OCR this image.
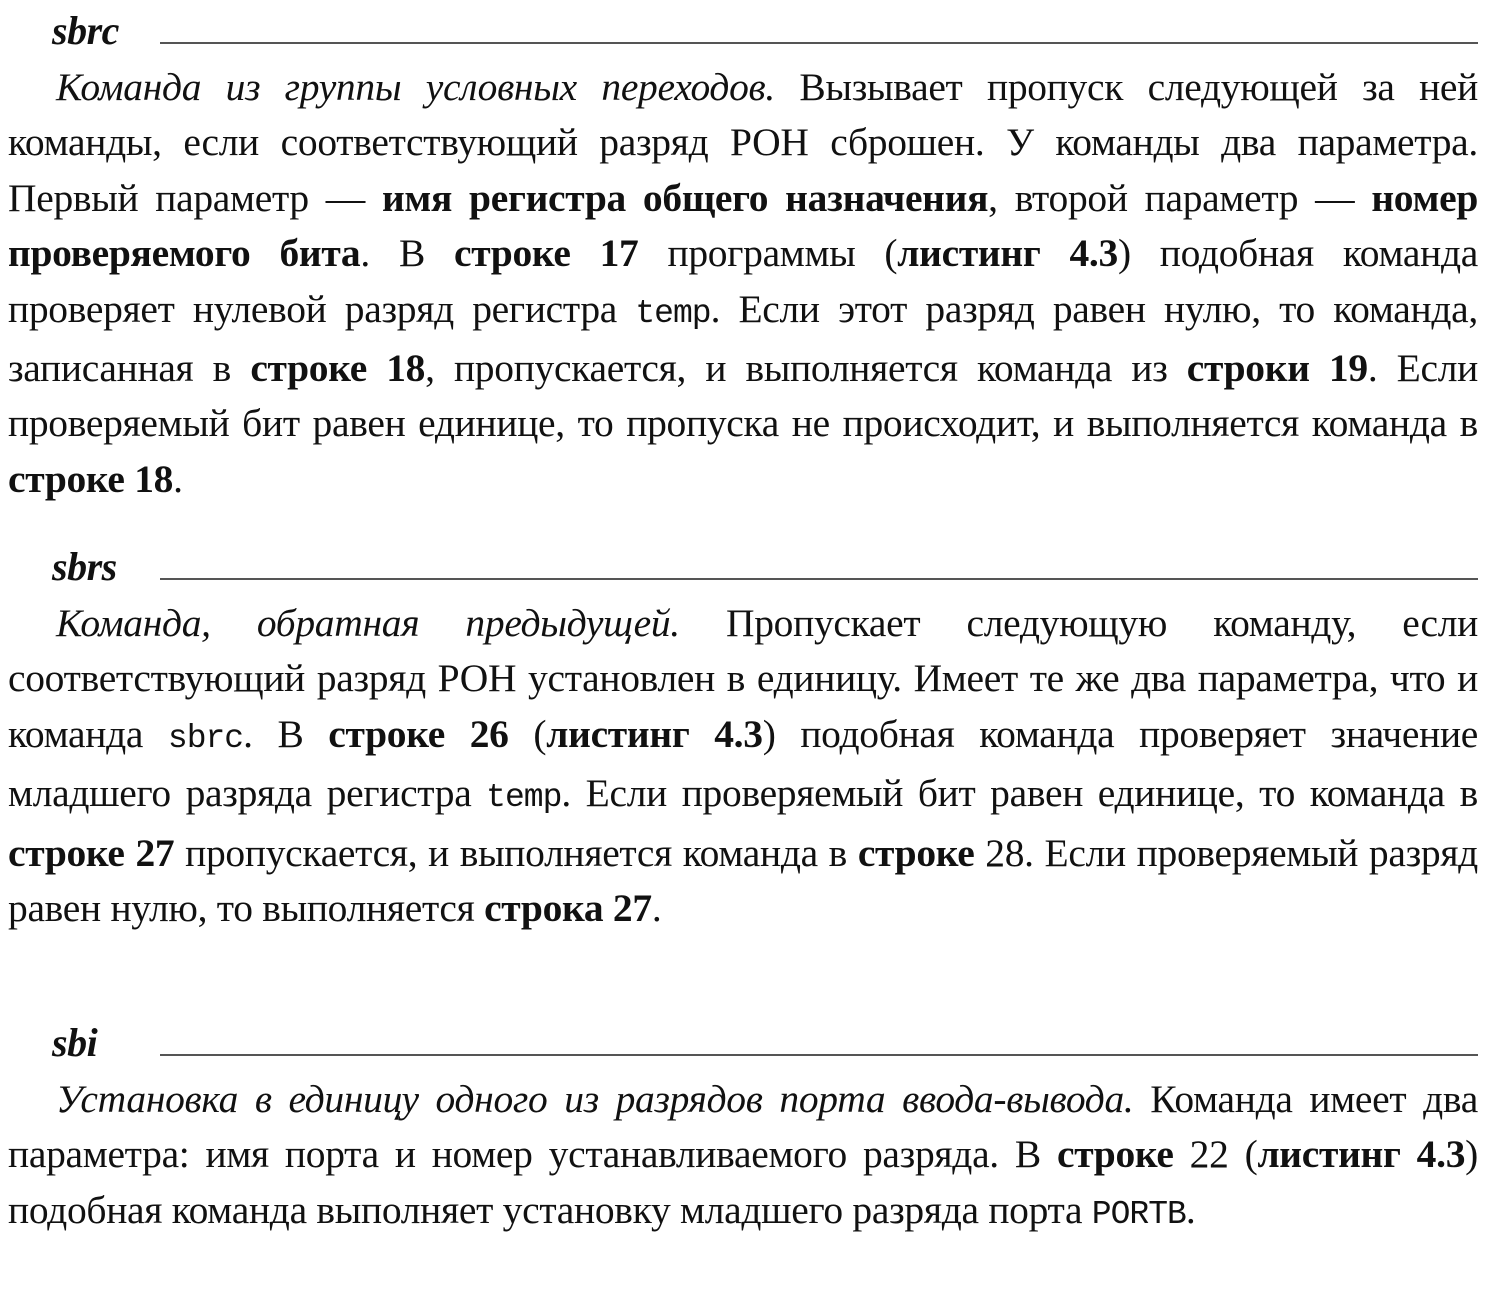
sbrc

Команда из группы условных переходов. Вызывает пропуск следующей за ней команды, если соответствующий разряд РОН сброшен. У команды два параметра. Первый параметр — имя регистра общего назначения, второй параметр — номер проверяемого бита. В строке 17 программы (листинг 4.3) подобная команда проверяет нулевой разряд регистра temp. Если этот разряд равен нулю, то команда, записанная в строке 18, пропускается, и выполняется команда из строки 19. Если проверяемый бит равен единице, то пропуска не происходит, и выполняется команда в строке 18.

sbrs

Команда, обратная предыдущей. Пропускает следующую команду, если соответствующий разряд РОН установлен в единицу. Имеет те же два параметра, что и команда sbrc. В строке 26 (листинг 4.3) подобная команда проверяет значение младшего разряда регистра temp. Если проверяемый бит равен единице, то команда в строке 27 пропускается, и выполняется команда в строке 28. Если проверяемый разряд равен нулю, то выполняется строка 27.

sbi

Установка в единицу одного из разрядов порта ввода-вывода. Команда имеет два параметра: имя порта и номер устанавливаемого разряда. В строке 22 (листинг 4.3) подобная команда выполняет установку младшего разряда порта PORTB.
